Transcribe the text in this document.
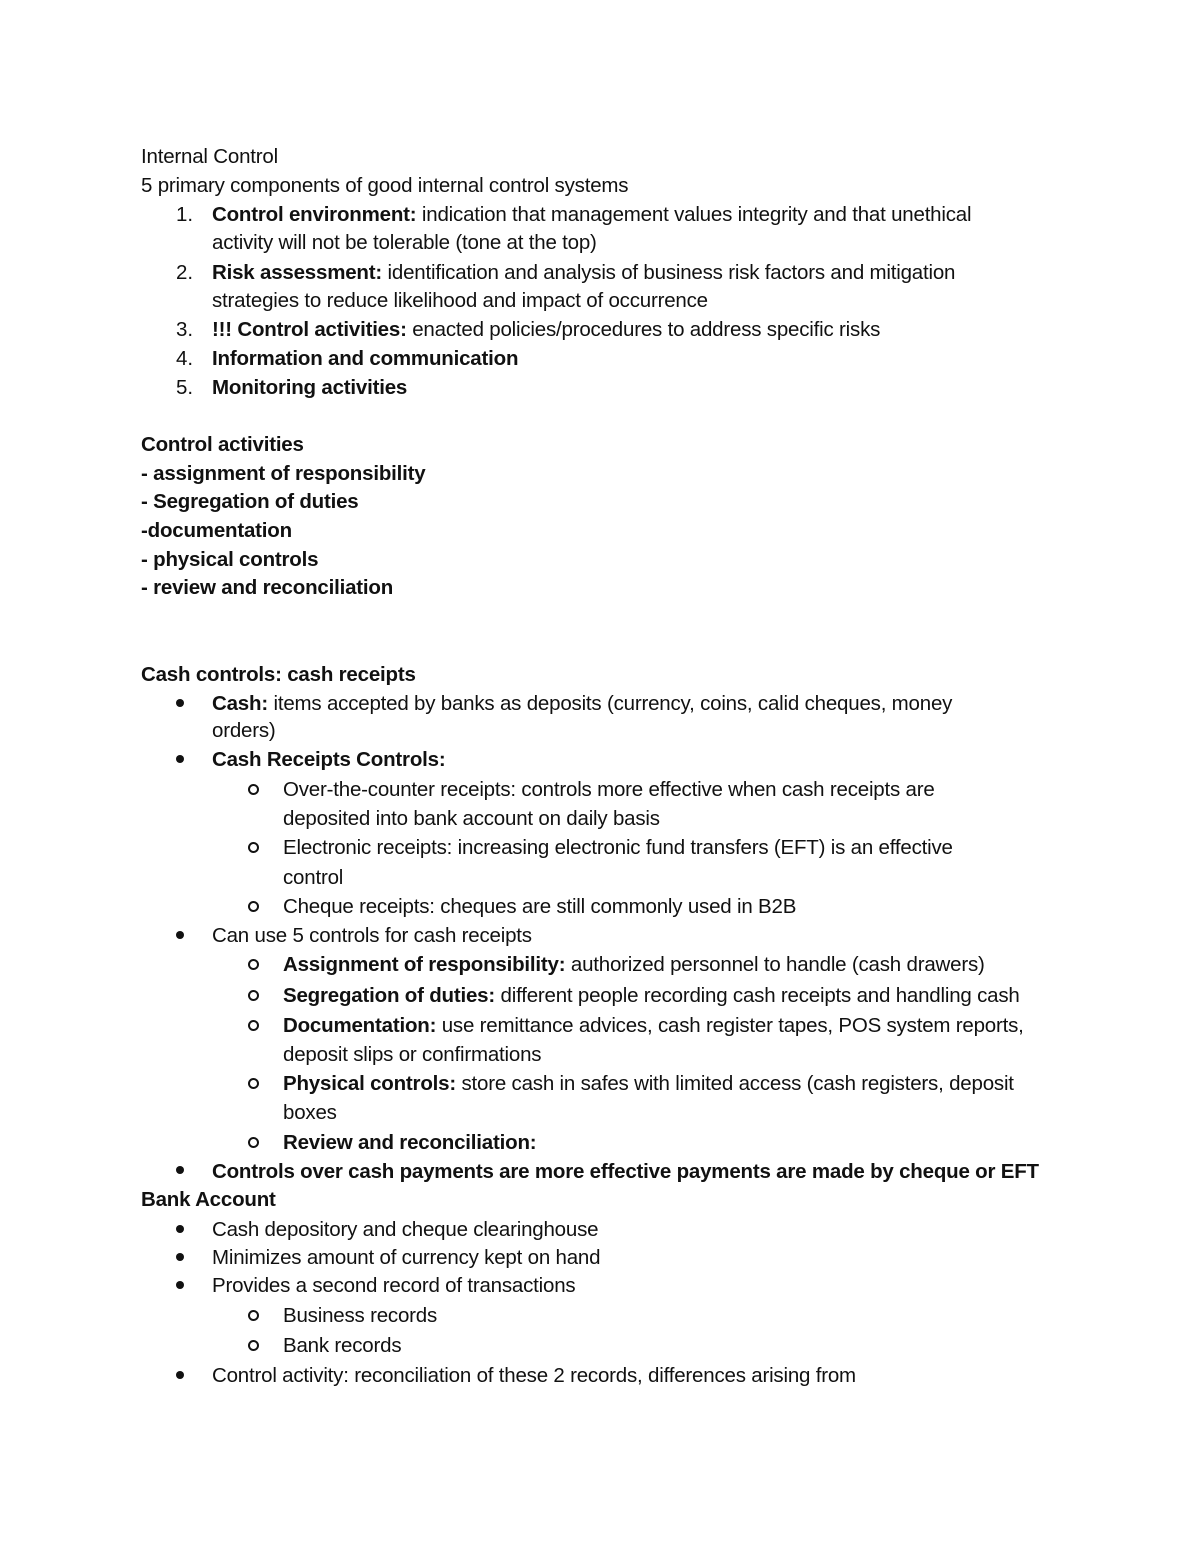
Internal Control
5 primary components of good internal control systems
1. Control environment: indication that management values integrity and that unethical
activity will not be tolerable (tone at the top)
2. Risk assessment: identification and analysis of business risk factors and mitigation
strategies to reduce likelihood and impact of occurrence
3. !!! Control activities: enacted policies/procedures to address specific risks
4. Information and communication
5. Monitoring activities
Control activities
- assignment of responsibility
- Segregation of duties
-documentation
- physical controls
- review and reconciliation
Cash controls: cash receipts
Cash: items accepted by banks as deposits (currency, coins, calid cheques, money
orders)
Cash Receipts Controls:
Over-the-counter receipts: controls more effective when cash receipts are
deposited into bank account on daily basis
Electronic receipts: increasing electronic fund transfers (EFT) is an effective
control
Cheque receipts: cheques are still commonly used in B2B
Can use 5 controls for cash receipts
Assignment of responsibility: authorized personnel to handle (cash drawers)
Segregation of duties: different people recording cash receipts and handling cash
Documentation: use remittance advices, cash register tapes, POS system reports,
deposit slips or confirmations
Physical controls: store cash in safes with limited access (cash registers, deposit
boxes
Review and reconciliation:
Controls over cash payments are more effective payments are made by cheque or EFT
Bank Account
Cash depository and cheque clearinghouse
Minimizes amount of currency kept on hand
Provides a second record of transactions
Business records
Bank records
Control activity: reconciliation of these 2 records, differences arising from
